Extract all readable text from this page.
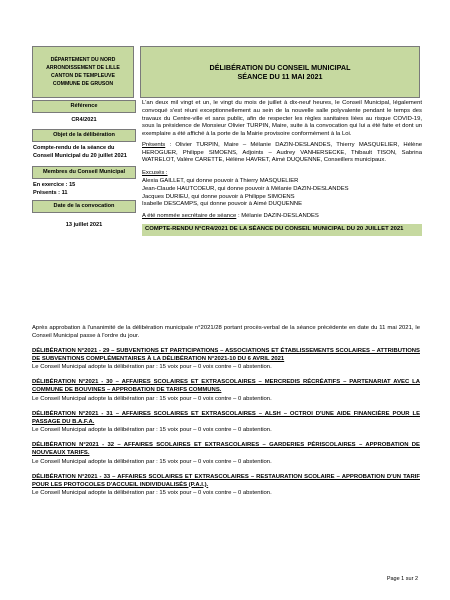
DÉPARTEMENT DU NORD
ARRONDISSEMENT DE LILLE
CANTON DE TEMPLEUVE
COMMUNE DE GRUSON
DÉLIBÉRATION DU CONSEIL MUNICIPAL
SÉANCE DU 11 MAI 2021
Référence
CR4/2021
Objet de la délibération
Compte-rendu de la séance du Conseil Municipal du 20 juillet 2021
Membres du Conseil Municipal
En exercice : 15
Présents : 11
Date de la convocation
13 juillet 2021

L'an deux mil vingt et un, le vingt du mois de juillet à dix-neuf heures, le Conseil Municipal, légalement convoqué s'est réuni exceptionnellement au sein de la nouvelle salle polyvalente pendant le temps des travaux du Centre-ville et sans public, afin de respecter les règles sanitaires liées au risque COVID-19, sous la présidence de Monsieur Olivier TURPIN, Maire, suite à la convocation qui lui a été faite et dont un exemplaire a été affiché à la porte de la Mairie provisoire conformément à la Loi.

Présents : Olivier TURPIN, Maire – Mélanie DAZIN-DESLANDES, Thierry MASQUELIER, Hélène HEROGUER, Philippe SIMOENS, Adjoints – Audrey VANHERSECKE, Thibault TISON, Sabrina WATRELOT, Valère CARETTE, Hélène HAVRET, Aimé DUQUENNE, Conseillers municipaux.

Excusés :
Alexia GAILLET, qui donne pouvoir à Thierry MASQUELIER
Jean-Claude HAUTCOEUR, qui donne pouvoir à Mélanie DAZIN-DESLANDES
Jacques DURIEU, qui donne pouvoir à Philippe SIMOENS
Isabelle DESCAMPS, qui donne pouvoir à Aimé DUQUENNE

A été nommée secrétaire de séance : Mélanie DAZIN-DESLANDES

COMPTE-RENDU N°CR4/2021 DE LA SÉANCE DU CONSEIL MUNICIPAL DU 20 JUILLET 2021
Après approbation à l'unanimité de la délibération municipale n°2021/28 portant procès-verbal de la séance précédente en date du 11 mai 2021, le Conseil Municipal passe à l'ordre du jour.
DÉLIBÉRATION N°2021 - 29 – SUBVENTIONS ET PARTICIPATIONS – ASSOCIATIONS ET ÉTABLISSEMENTS SCOLAIRES – ATTRIBUTIONS DE SUBVENTIONS COMPLÉMENTAIRES À LA DÉLIBÉRATION N°2021-10 DU 6 AVRIL 2021
Le Conseil Municipal adopte la délibération par : 15 voix pour – 0 voix contre – 0 abstention.
DÉLIBÉRATION N°2021 - 30 – AFFAIRES SCOLAIRES ET EXTRASCOLAIRES – MERCREDIS RÉCRÉATIFS – PARTENARIAT AVEC LA COMMUNE DE BOUVINES – APPROBATION DE TARIFS COMMUNS.
Le Conseil Municipal adopte la délibération par : 15 voix pour – 0 voix contre – 0 abstention.
DÉLIBÉRATION N°2021 - 31 – AFFAIRES SCOLAIRES ET EXTRASCOLAIRES – ALSH – OCTROI D'UNE AIDE FINANCIÈRE POUR LE PASSAGE DU B.A.F.A.
Le Conseil Municipal adopte la délibération par : 15 voix pour – 0 voix contre – 0 abstention.
DÉLIBÉRATION N°2021 - 32 – AFFAIRES SCOLAIRES ET EXTRASCOLAIRES – GARDERIES PÉRISCOLAIRES – APPROBATION DE NOUVEAUX TARIFS.
Le Conseil Municipal adopte la délibération par : 15 voix pour – 0 voix contre – 0 abstention.
DÉLIBÉRATION N°2021 - 33 – AFFAIRES SCOLAIRES ET EXTRASCOLAIRES – RESTAURATION SCOLAIRE – APPROBATION D'UN TARIF POUR LES PROTOCOLES D'ACCUEIL INDIVIDUALISÉS (P.A.I.).
Le Conseil Municipal adopte la délibération par : 15 voix pour – 0 voix contre – 0 abstention.
Page 1 sur 2
